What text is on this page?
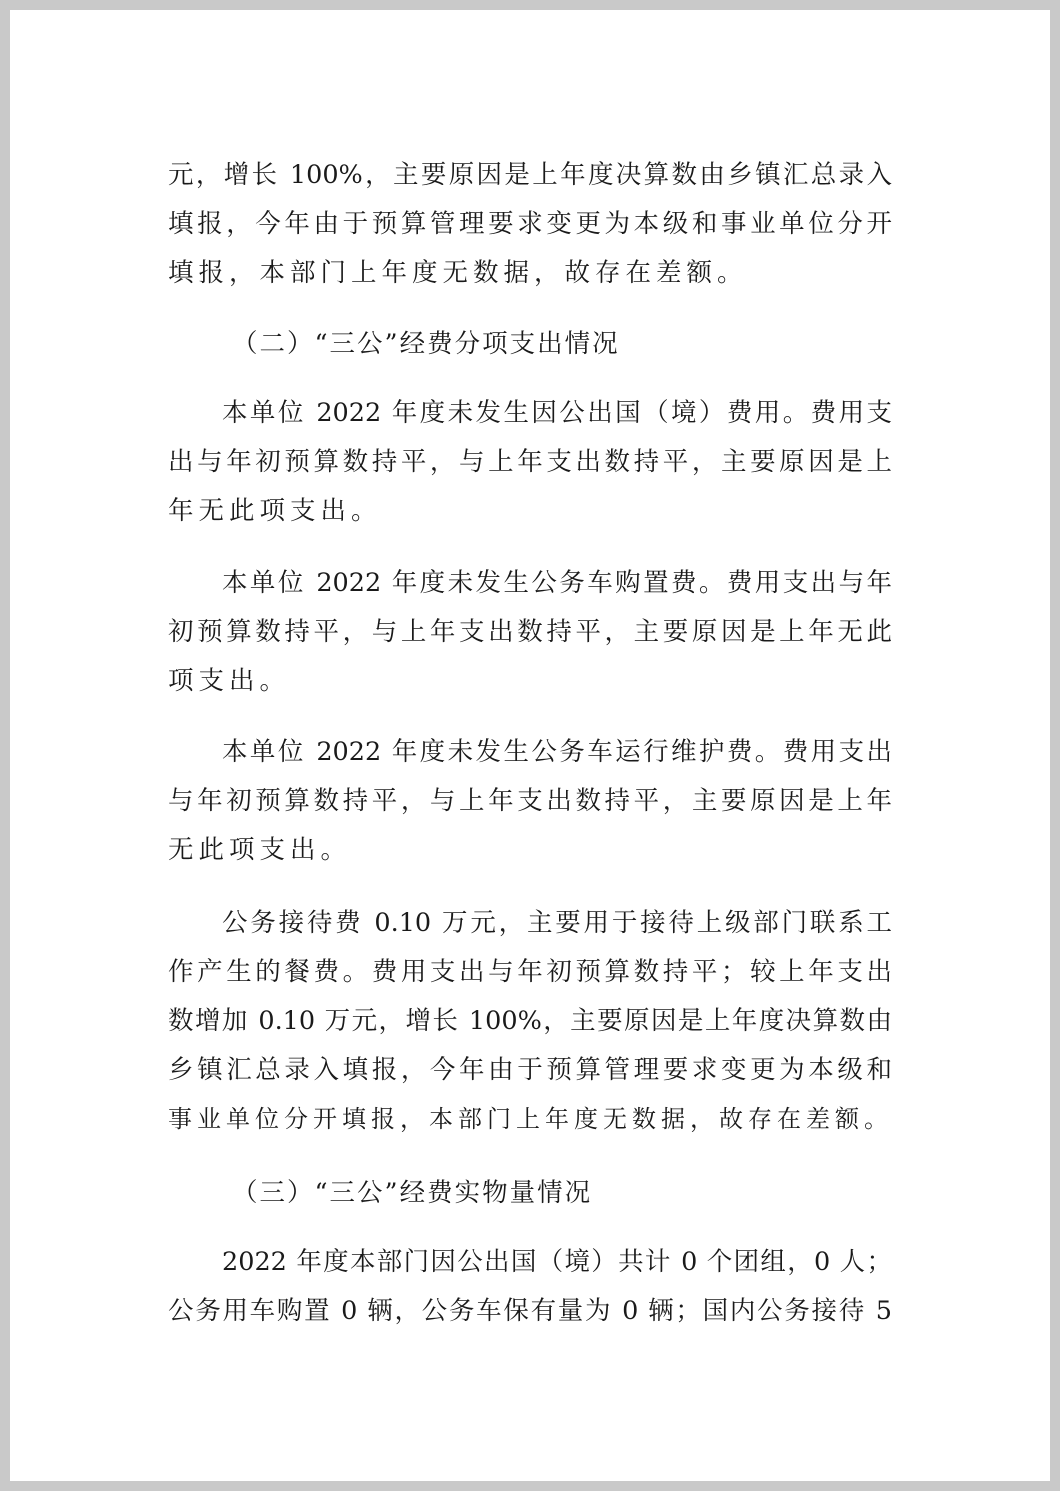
元，增长 100%，主要原因是上年度决算数由乡镇汇总录入
填报，今年由于预算管理要求变更为本级和事业单位分开
填报，本部门上年度无数据，故存在差额。
（二）“三公”经费分项支出情况
本单位 2022 年度未发生因公出国（境）费用。费用支
出与年初预算数持平，与上年支出数持平，主要原因是上
年无此项支出。
本单位 2022 年度未发生公务车购置费。费用支出与年
初预算数持平，与上年支出数持平，主要原因是上年无此
项支出。
本单位 2022 年度未发生公务车运行维护费。费用支出
与年初预算数持平，与上年支出数持平，主要原因是上年
无此项支出。
公务接待费 0.10 万元，主要用于接待上级部门联系工
作产生的餐费。费用支出与年初预算数持平；较上年支出
数增加 0.10 万元，增长 100%，主要原因是上年度决算数由
乡镇汇总录入填报，今年由于预算管理要求变更为本级和
事业单位分开填报，本部门上年度无数据，故存在差额。
（三）“三公”经费实物量情况
2022 年度本部门因公出国（境）共计 0 个团组，0 人；
公务用车购置 0 辆，公务车保有量为 0 辆；国内公务接待 5
